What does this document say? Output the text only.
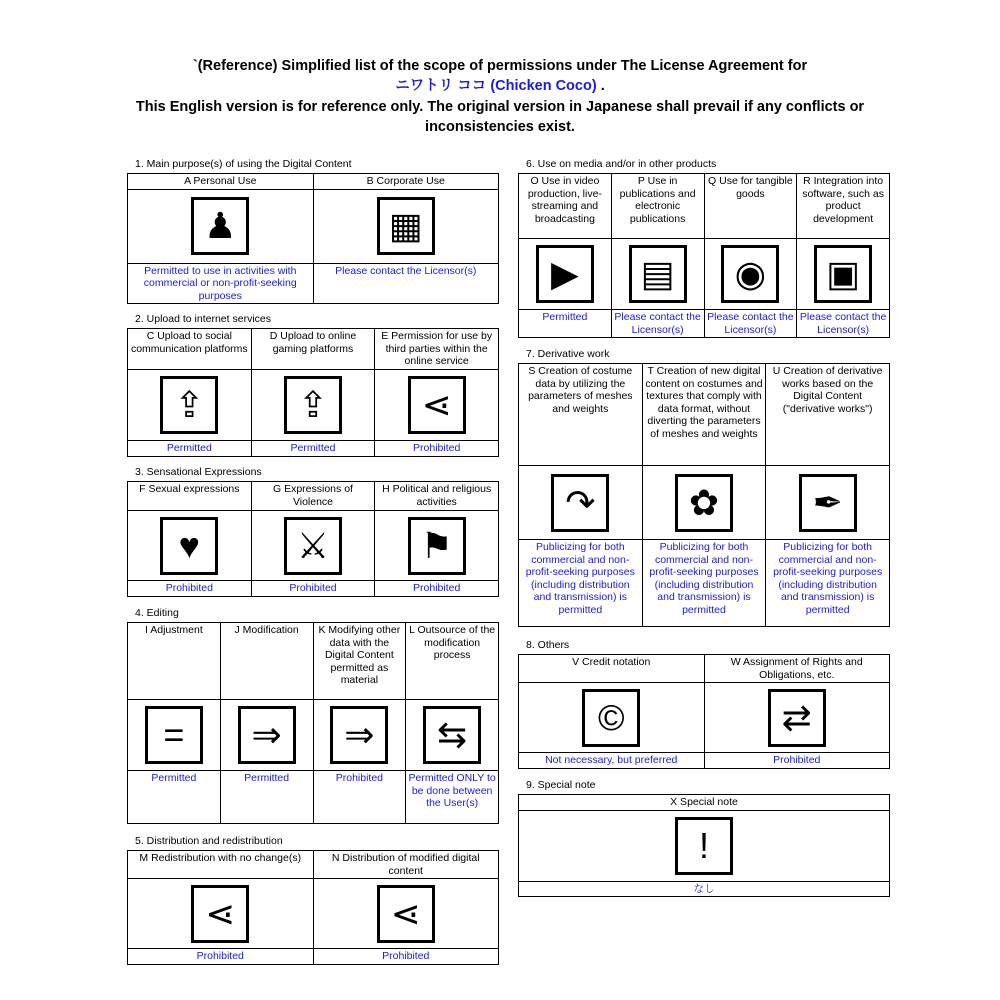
`(Reference) Simplified list of the scope of permissions under The License Agreement for
ニワトリ ココ (Chicken Coco) .
This English version is for reference only. The original version in Japanese shall prevail if any conflicts or
inconsistencies exist.
1. Main purpose(s) of using the Digital Content
A Personal Use	B Corporate Use
♟	▦
Permitted to use in activities with commercial or non-profit-seeking purposes	Please contact the Licensor(s)
2. Upload to internet services
C Upload to social communication platforms	D Upload to online gaming platforms	E Permission for use by third parties within the online service
⇪	⇪	⋖
Permitted	Permitted	Prohibited
3. Sensational Expressions
F Sexual expressions	G Expressions of Violence	H Political and religious activities
♥	⚔	⚑
Prohibited	Prohibited	Prohibited
4. Editing
I Adjustment	J Modification	K Modifying other data with the Digital Content permitted as material	L Outsource of the modification process
=	⇒	⇒	⇆
Permitted	Permitted	Prohibited	Permitted ONLY to be done between the User(s)
5. Distribution and redistribution
M Redistribution with no change(s)	N Distribution of modified digital content
⋖	⋖
Prohibited	Prohibited
6. Use on media and/or in other products
O Use in video production, live-streaming and broadcasting	P Use in publications and electronic publications	Q Use for tangible goods	R Integration into software, such as product development
▶	▤	◉	▣
Permitted	Please contact the Licensor(s)	Please contact the Licensor(s)	Please contact the Licensor(s)
7. Derivative work
S Creation of costume data by utilizing the parameters of meshes and weights	T Creation of new digital content on costumes and textures that comply with data format, without diverting the parameters of meshes and weights	U Creation of derivative works based on the Digital Content ("derivative works")
↷	✿	✒
Publicizing for both commercial and non-profit-seeking purposes (including distribution and transmission) is permitted	Publicizing for both commercial and non-profit-seeking purposes (including distribution and transmission) is permitted	Publicizing for both commercial and non-profit-seeking purposes (including distribution and transmission) is permitted
8. Others
V Credit notation	W Assignment of Rights and Obligations, etc.
©	⇄
Not necessary, but preferred	Prohibited
9. Special note
X Special note
!
なし
